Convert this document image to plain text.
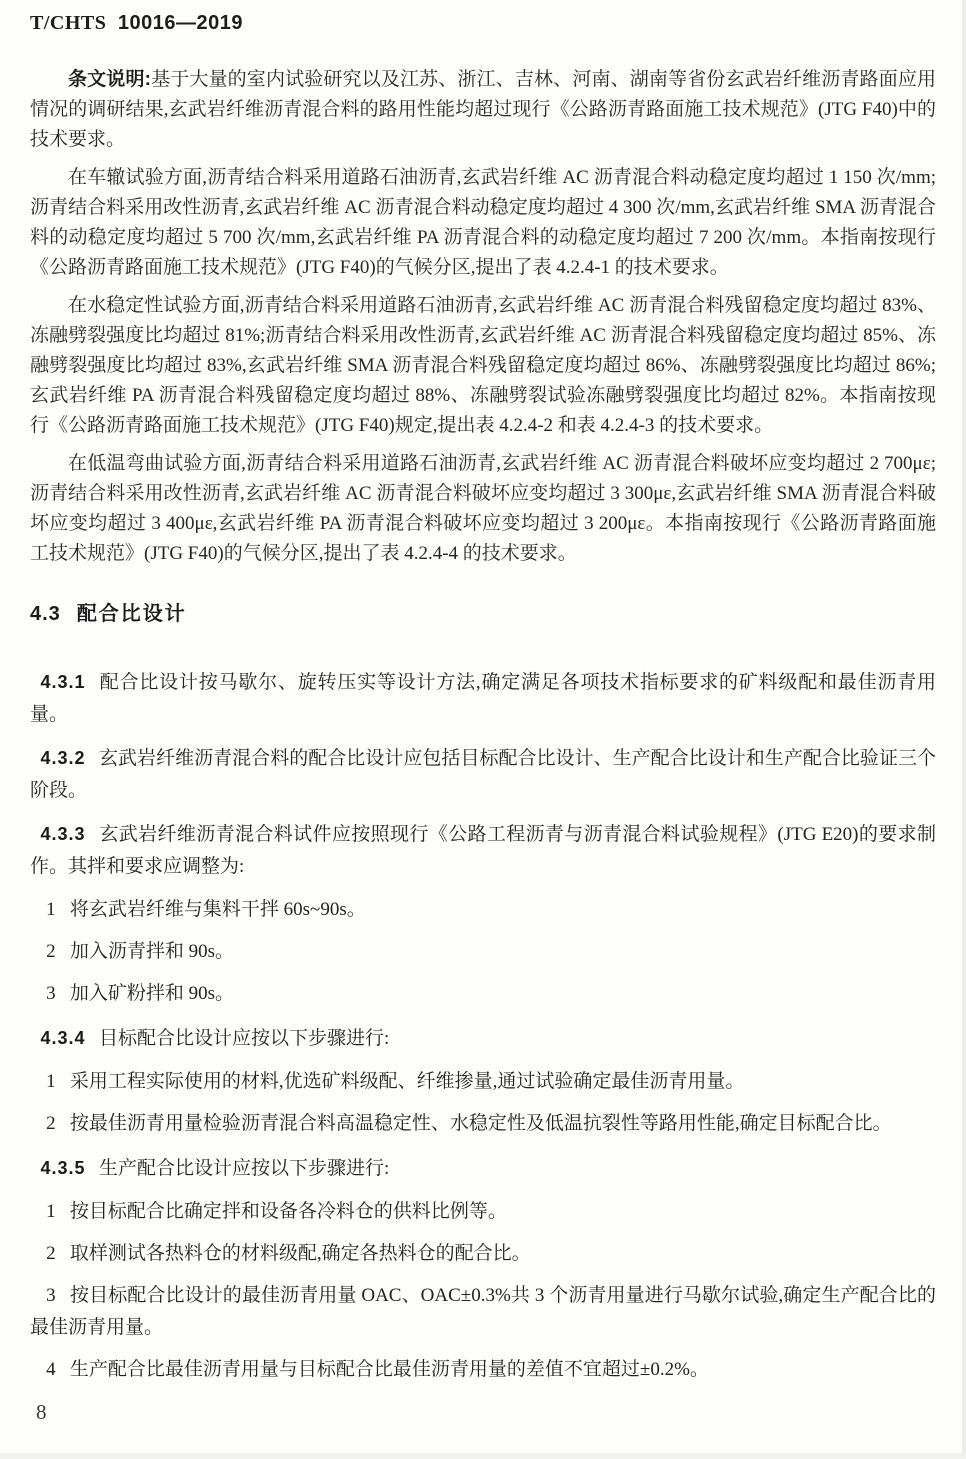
T/CHTS 10016—2019

条文说明:基于大量的室内试验研究以及江苏、浙江、吉林、河南、湖南等省份玄武岩纤维沥青路面应用情况的调研结果,玄武岩纤维沥青混合料的路用性能均超过现行《公路沥青路面施工技术规范》(JTG F40)中的技术要求。

在车辙试验方面,沥青结合料采用道路石油沥青,玄武岩纤维 AC 沥青混合料动稳定度均超过 1 150 次/mm;沥青结合料采用改性沥青,玄武岩纤维 AC 沥青混合料动稳定度均超过 4 300 次/mm,玄武岩纤维 SMA 沥青混合料的动稳定度均超过 5 700 次/mm,玄武岩纤维 PA 沥青混合料的动稳定度均超过 7 200 次/mm。本指南按现行《公路沥青路面施工技术规范》(JTG F40)的气候分区,提出了表 4.2.4-1 的技术要求。

在水稳定性试验方面,沥青结合料采用道路石油沥青,玄武岩纤维 AC 沥青混合料残留稳定度均超过 83%、冻融劈裂强度比均超过 81%;沥青结合料采用改性沥青,玄武岩纤维 AC 沥青混合料残留稳定度均超过 85%、冻融劈裂强度比均超过 83%,玄武岩纤维 SMA 沥青混合料残留稳定度均超过 86%、冻融劈裂强度比均超过 86%;玄武岩纤维 PA 沥青混合料残留稳定度均超过 88%、冻融劈裂试验冻融劈裂强度比均超过 82%。本指南按现行《公路沥青路面施工技术规范》(JTG F40)规定,提出表 4.2.4-2 和表 4.2.4-3 的技术要求。

在低温弯曲试验方面,沥青结合料采用道路石油沥青,玄武岩纤维 AC 沥青混合料破坏应变均超过 2 700με;沥青结合料采用改性沥青,玄武岩纤维 AC 沥青混合料破坏应变均超过 3 300με,玄武岩纤维 SMA 沥青混合料破坏应变均超过 3 400με,玄武岩纤维 PA 沥青混合料破坏应变均超过 3 200με。本指南按现行《公路沥青路面施工技术规范》(JTG F40)的气候分区,提出了表 4.2.4-4 的技术要求。

4.3 配合比设计

4.3.1 配合比设计按马歇尔、旋转压实等设计方法,确定满足各项技术指标要求的矿料级配和最佳沥青用量。

4.3.2 玄武岩纤维沥青混合料的配合比设计应包括目标配合比设计、生产配合比设计和生产配合比验证三个阶段。

4.3.3 玄武岩纤维沥青混合料试件应按照现行《公路工程沥青与沥青混合料试验规程》(JTG E20)的要求制作。其拌和要求应调整为:

1 将玄武岩纤维与集料干拌 60s~90s。

2 加入沥青拌和 90s。

3 加入矿粉拌和 90s。

4.3.4 目标配合比设计应按以下步骤进行:

1 采用工程实际使用的材料,优选矿料级配、纤维掺量,通过试验确定最佳沥青用量。

2 按最佳沥青用量检验沥青混合料高温稳定性、水稳定性及低温抗裂性等路用性能,确定目标配合比。

4.3.5 生产配合比设计应按以下步骤进行:

1 按目标配合比确定拌和设备各冷料仓的供料比例等。

2 取样测试各热料仓的材料级配,确定各热料仓的配合比。

3 按目标配合比设计的最佳沥青用量 OAC、OAC±0.3%共 3 个沥青用量进行马歇尔试验,确定生产配合比的最佳沥青用量。

4 生产配合比最佳沥青用量与目标配合比最佳沥青用量的差值不宜超过±0.2%。

8
